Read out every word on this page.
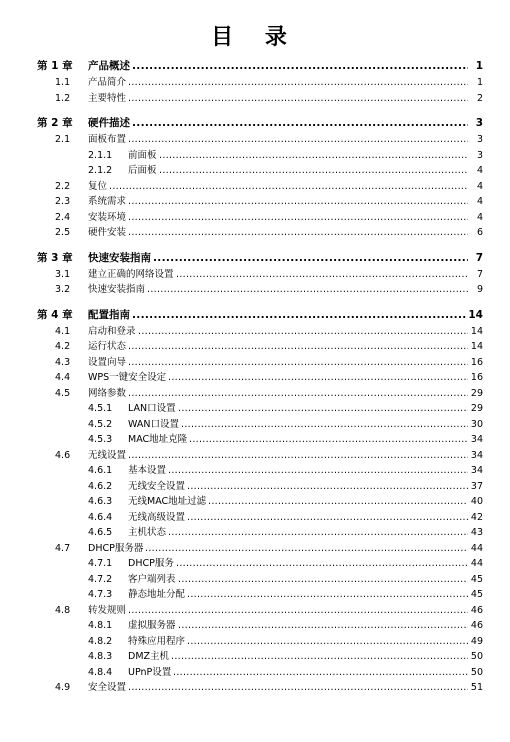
目 录
第 1 章 ..... 产品概述	1
1.1 ..... 产品简介	1
1.2 ..... 主要特性	2
第 2 章 ..... 硬件描述	3
2.1 ..... 面板布置	3
2.1.1 ..... 前面板	3
2.1.2 ..... 后面板	4
2.2 ..... 复位	4
2.3 ..... 系统需求	4
2.4 ..... 安装环境	4
2.5 ..... 硬件安装	6
第 3 章 ..... 快速安装指南	7
3.1 ..... 建立正确的网络设置	7
3.2 ..... 快速安装指南	9
第 4 章 ..... 配置指南	14
4.1 ..... 启动和登录	14
4.2 ..... 运行状态	14
4.3 ..... 设置向导	16
4.4 ..... WPS一键安全设定	16
4.5 ..... 网络参数	29
4.5.1 ..... LAN口设置	29
4.5.2 ..... WAN口设置	30
4.5.3 ..... MAC地址克隆	34
4.6 ..... 无线设置	34
4.6.1 ..... 基本设置	34
4.6.2 ..... 无线安全设置	37
4.6.3 ..... 无线MAC地址过滤	40
4.6.4 ..... 无线高级设置	42
4.6.5 ..... 主机状态	43
4.7 ..... DHCP服务器	44
4.7.1 ..... DHCP服务	44
4.7.2 ..... 客户端列表	45
4.7.3 ..... 静态地址分配	45
4.8 ..... 转发规则	46
4.8.1 ..... 虚拟服务器	46
4.8.2 ..... 特殊应用程序	49
4.8.3 ..... DMZ主机	50
4.8.4 ..... UPnP设置	50
4.9 ..... 安全设置	51
